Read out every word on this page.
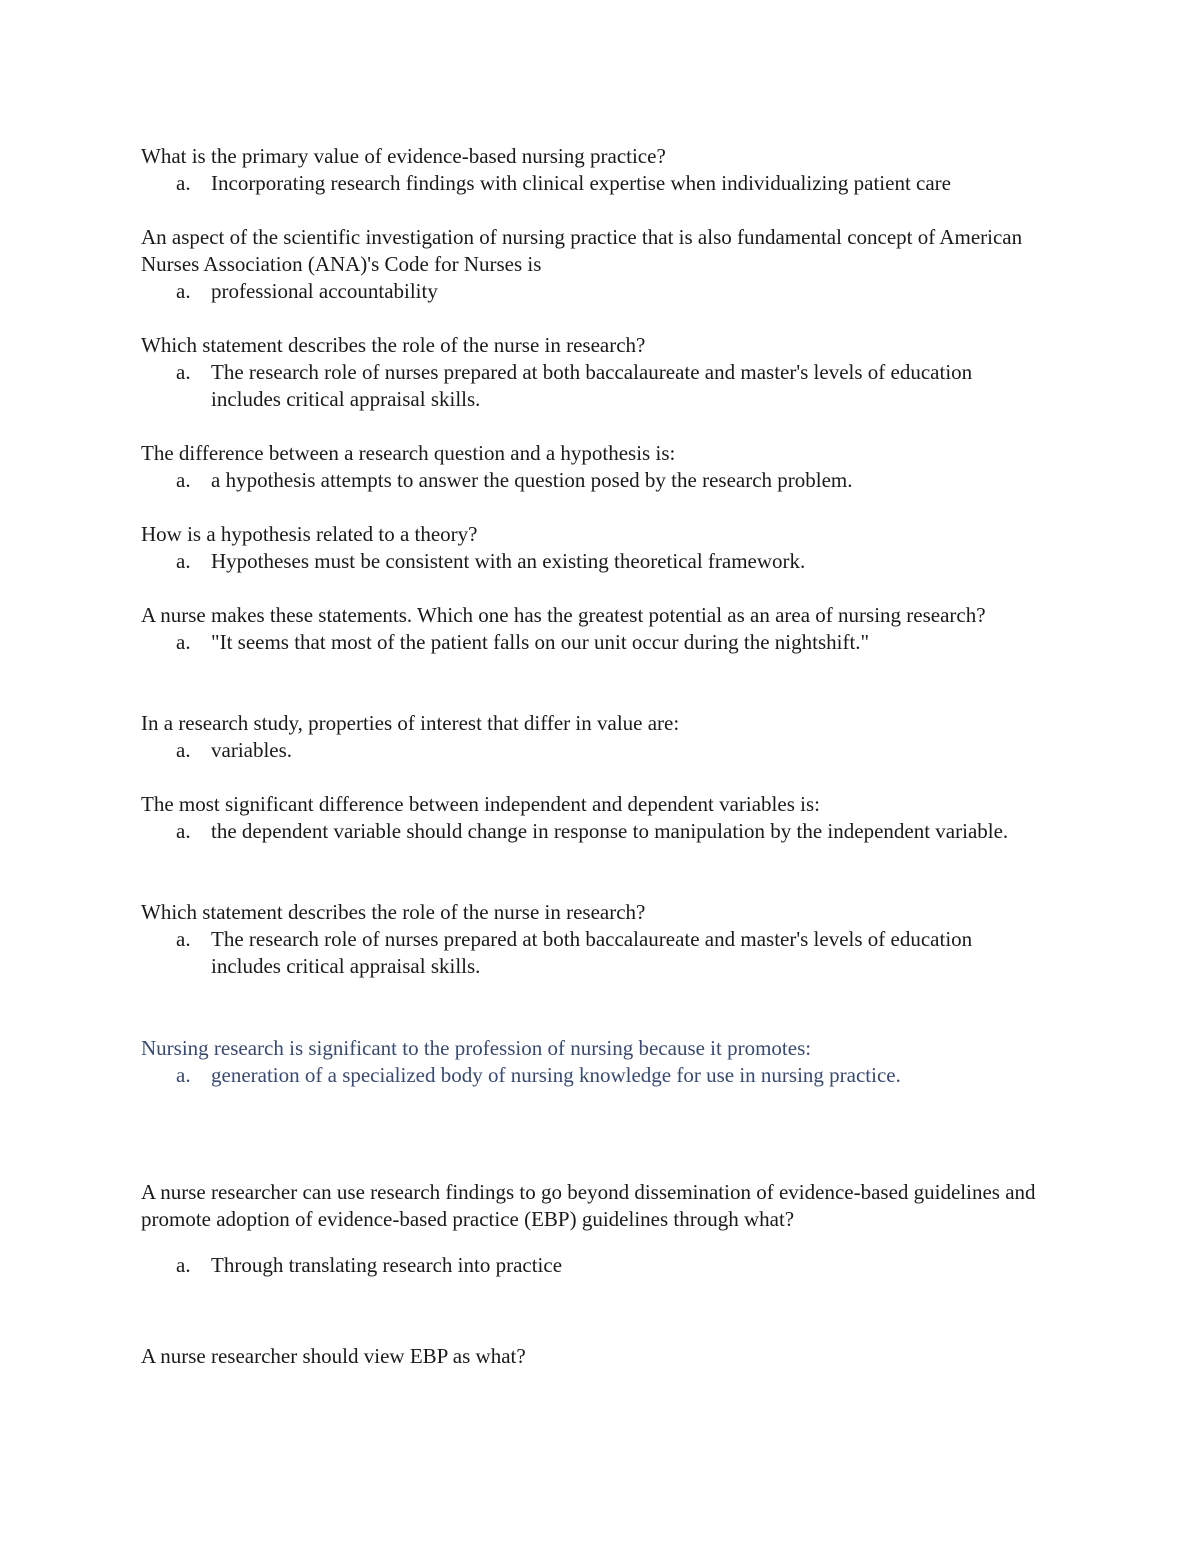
What is the primary value of evidence-based nursing practice?

a. Incorporating research findings with clinical expertise when individualizing patient care

An aspect of the scientific investigation of nursing practice that is also fundamental concept of American Nurses Association (ANA)'s Code for Nurses is

a. professional accountability

Which statement describes the role of the nurse in research?

a. The research role of nurses prepared at both baccalaureate and master's levels of education includes critical appraisal skills.

The difference between a research question and a hypothesis is:

a. a hypothesis attempts to answer the question posed by the research problem.

How is a hypothesis related to a theory?

a. Hypotheses must be consistent with an existing theoretical framework.

A nurse makes these statements. Which one has the greatest potential as an area of nursing research?

a. "It seems that most of the patient falls on our unit occur during the nightshift."

In a research study, properties of interest that differ in value are:

a. variables.

The most significant difference between independent and dependent variables is:

a. the dependent variable should change in response to manipulation by the independent variable.

Which statement describes the role of the nurse in research?

a. The research role of nurses prepared at both baccalaureate and master's levels of education includes critical appraisal skills.

Nursing research is significant to the profession of nursing because it promotes:

a. generation of a specialized body of nursing knowledge for use in nursing practice.

A nurse researcher can use research findings to go beyond dissemination of evidence-based guidelines and promote adoption of evidence-based practice (EBP) guidelines through what?

a. Through translating research into practice

A nurse researcher should view EBP as what?
